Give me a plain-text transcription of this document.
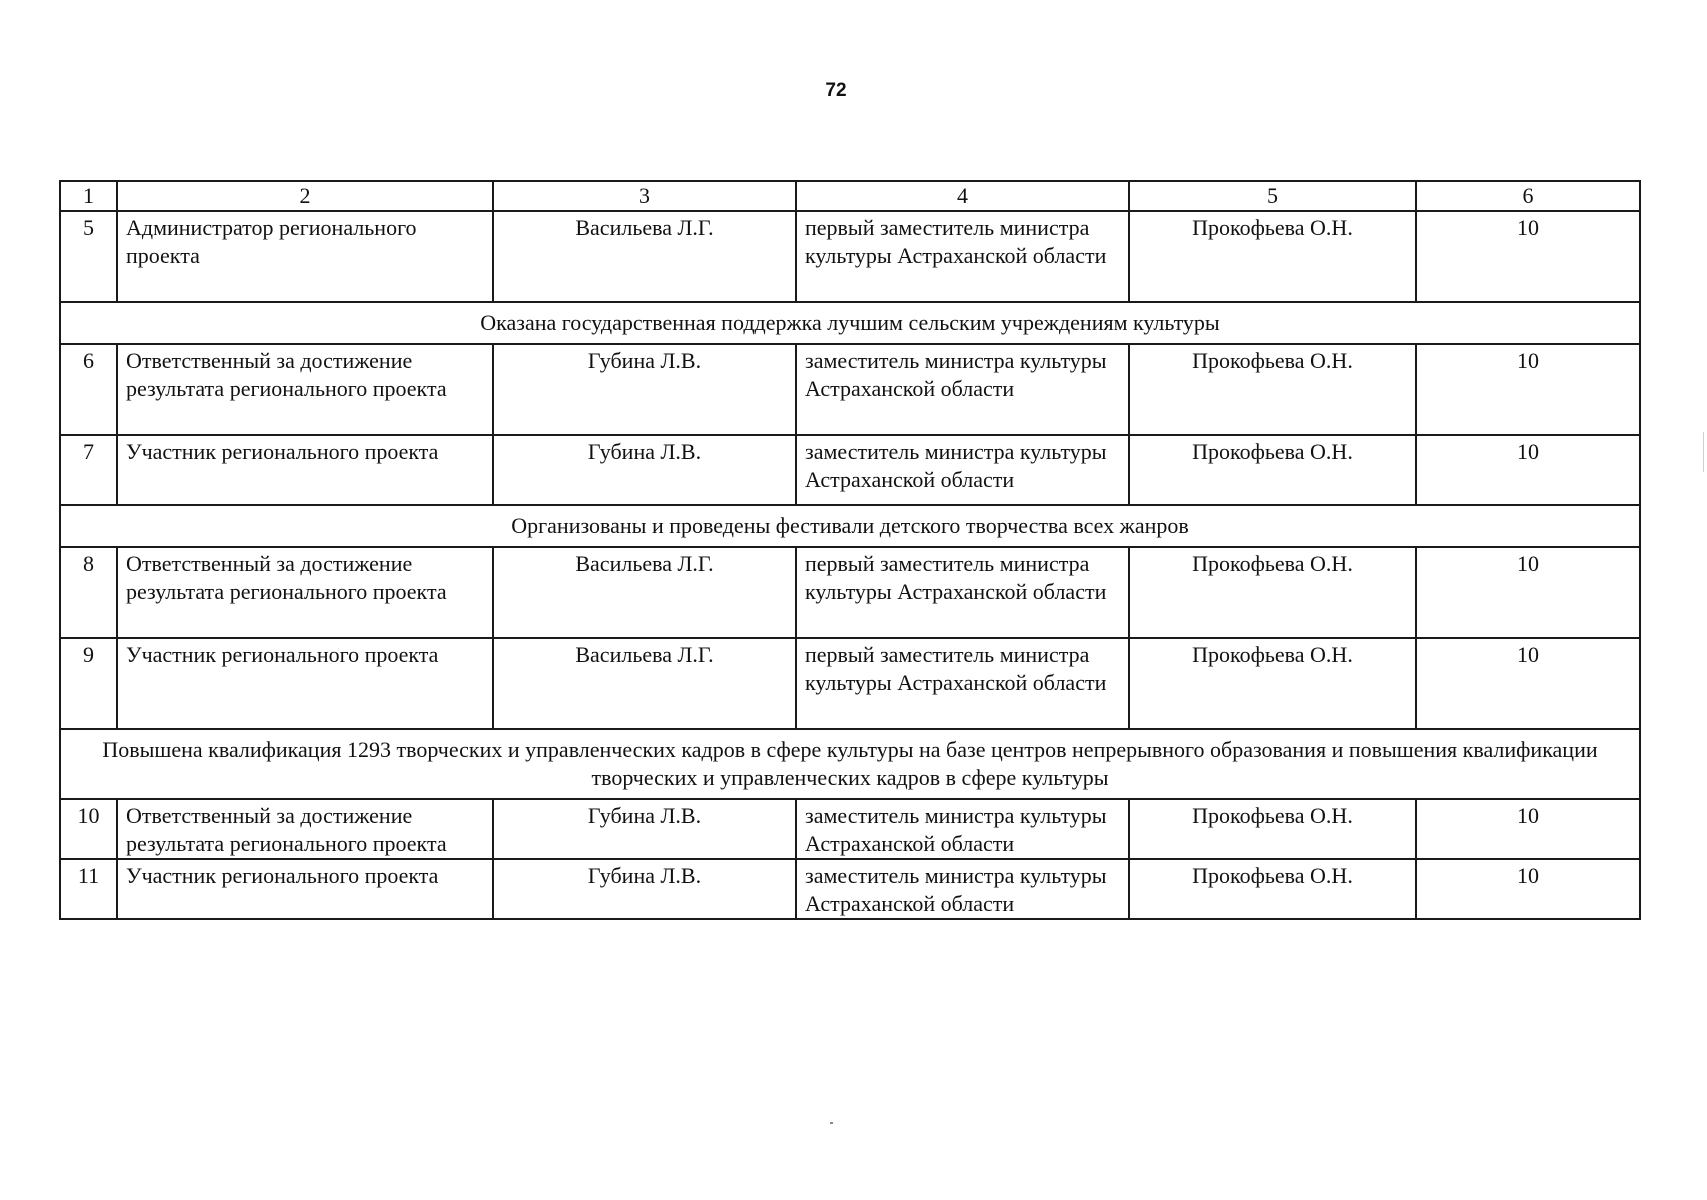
72
1	2	3	4	5	6
5	Администратор регионального проекта	Васильева Л.Г.	первый заместитель министра культуры Астраханской области	Прокофьева О.Н.	10
Оказана государственная поддержка лучшим сельским учреждениям культуры					
6	Ответственный за достижение результата регионального проекта	Губина Л.В.	заместитель министра культуры Астраханской области	Прокофьева О.Н.	10
7	Участник регионального проекта	Губина Л.В.	заместитель министра культуры Астраханской области	Прокофьева О.Н.	10
Организованы и проведены фестивали детского творчества всех жанров					
8	Ответственный за достижение результата регионального проекта	Васильева Л.Г.	первый заместитель министра культуры Астраханской области	Прокофьева О.Н.	10
9	Участник регионального проекта	Васильева Л.Г.	первый заместитель министра культуры Астраханской области	Прокофьева О.Н.	10
Повышена квалификация 1293 творческих и управленческих кадров в сфере культуры на базе центров непрерывного образования и повышения квалификации творческих и управленческих кадров в сфере культуры					
10	Ответственный за достижение результата регионального проекта	Губина Л.В.	заместитель министра культуры Астраханской области	Прокофьева О.Н.	10
11	Участник регионального проекта	Губина Л.В.	заместитель министра культуры Астраханской области	Прокофьева О.Н.	10
